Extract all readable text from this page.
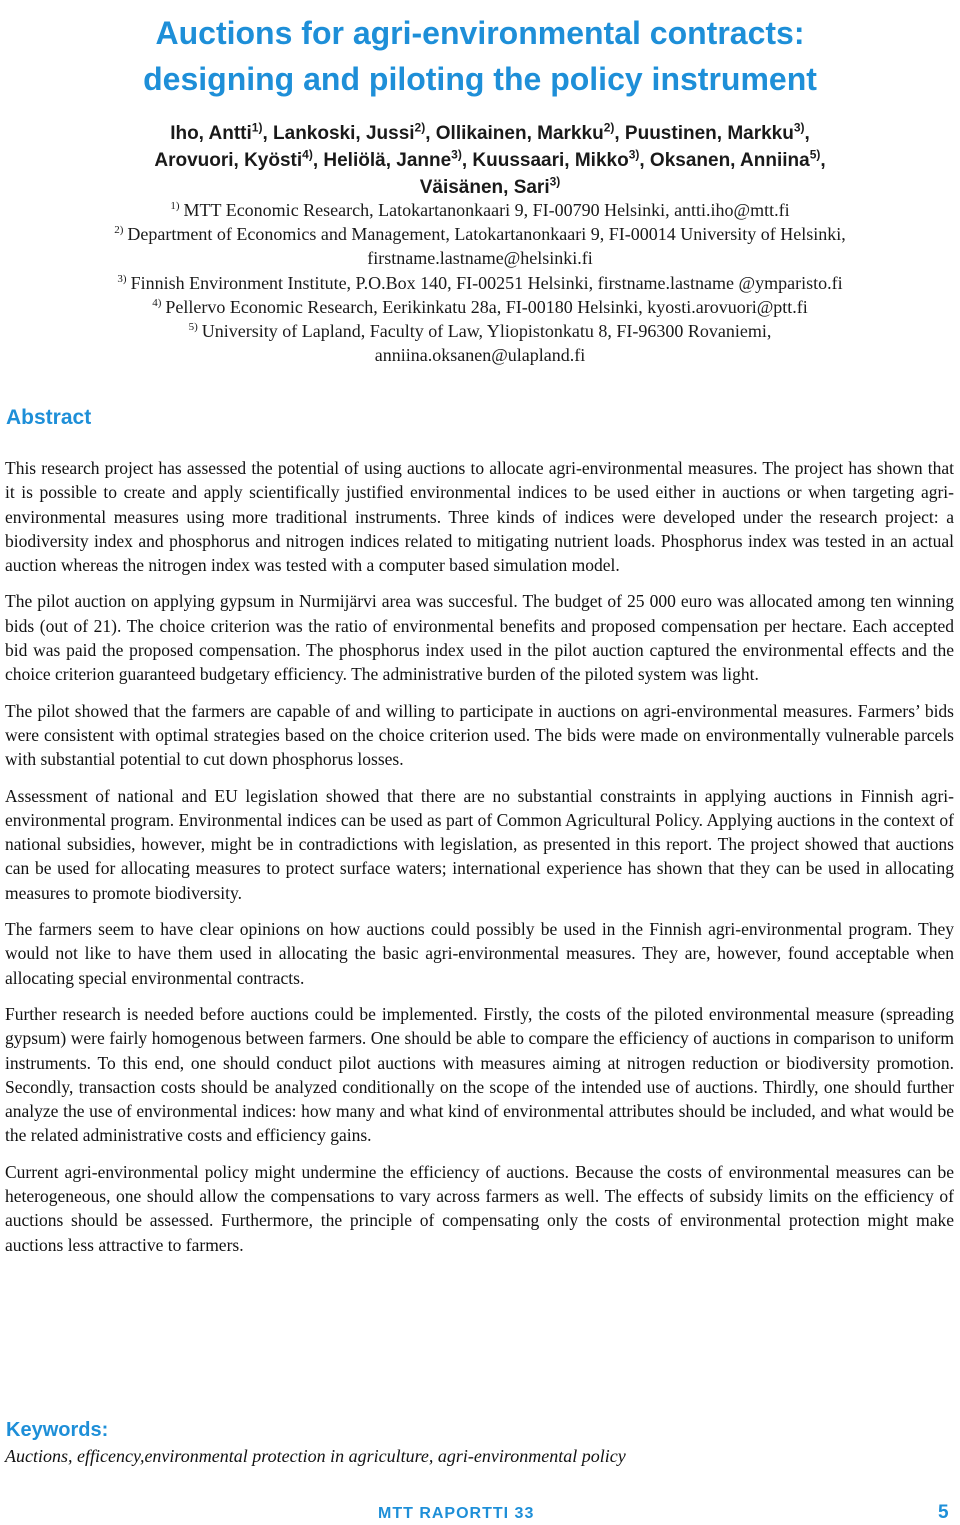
Auctions for agri-environmental contracts:
designing and piloting the policy instrument
Iho, Antti$^{1)}$, Lankoski, Jussi$^{2)}$, Ollikainen, Markku$^{2)}$, Puustinen, Markku$^{3)}$,
Arovuori, Kyösti$^{4)}$, Heliölä, Janne$^{3)}$, Kuussaari, Mikko$^{3)}$, Oksanen, Anniina$^{5)}$,
Väisänen, Sari$^{3)}$
$^{1)}$ MTT Economic Research, Latokartanonkaari 9, FI-00790 Helsinki, antti.iho@mtt.fi
$^{2)}$ Department of Economics and Management, Latokartanonkaari 9, FI-00014 University of Helsinki, firstname.lastname@helsinki.fi
$^{3)}$ Finnish Environment Institute, P.O.Box 140, FI-00251 Helsinki, firstname.lastname @ymparisto.fi
$^{4)}$ Pellervo Economic Research, Eerikinkatu 28a, FI-00180 Helsinki, kyosti.arovuori@ptt.fi
$^{5)}$ University of Lapland, Faculty of Law, Yliopistonkatu 8, FI-96300 Rovaniemi, anniina.oksanen@ulapland.fi
Abstract

This research project has assessed the potential of using auctions to allocate agri-environmental measures. The project has shown that it is possible to create and apply scientifically justified environmental indices to be used either in auctions or when targeting agri-environmental measures using more traditional instruments. Three kinds of indices were developed under the research project: a biodiversity index and phosphorus and nitrogen indices related to mitigating nutrient loads. Phosphorus index was tested in an actual auction whereas the nitrogen index was tested with a computer based simulation model.

The pilot auction on applying gypsum in Nurmijärvi area was succesful. The budget of 25 000 euro was allocated among ten winning bids (out of 21). The choice criterion was the ratio of environmental benefits and proposed compensation per hectare. Each accepted bid was paid the proposed compensation. The phosphorus index used in the pilot auction captured the environmental effects and the choice criterion guaranteed budgetary efficiency. The administrative burden of the piloted system was light.

The pilot showed that the farmers are capable of and willing to participate in auctions on agri-environmental measures. Farmers’ bids were consistent with optimal strategies based on the choice criterion used. The bids were made on environmentally vulnerable parcels with substantial potential to cut down phosphorus losses.

Assessment of national and EU legislation showed that there are no substantial constraints in applying auctions in Finnish agri-environmental program. Environmental indices can be used as part of Common Agricultural Policy. Applying auctions in the context of national subsidies, however, might be in contradictions with legislation, as presented in this report. The project showed that auctions can be used for allocating measures to protect surface waters; international experience has shown that they can be used in allocating measures to promote biodiversity.

The farmers seem to have clear opinions on how auctions could possibly be used in the Finnish agri-environmental program. They would not like to have them used in allocating the basic agri-environmental measures. They are, however, found acceptable when allocating special environmental contracts.

Further research is needed before auctions could be implemented. Firstly, the costs of the piloted environmental measure (spreading gypsum) were fairly homogenous between farmers. One should be able to compare the efficiency of auctions in comparison to uniform instruments. To this end, one should conduct pilot auctions with measures aiming at nitrogen reduction or biodiversity promotion. Secondly, transaction costs should be analyzed conditionally on the scope of the intended use of auctions. Thirdly, one should further analyze the use of environmental indices: how many and what kind of environmental attributes should be included, and what would be the related administrative costs and efficiency gains.

Current agri-environmental policy might undermine the efficiency of auctions. Because the costs of environmental measures can be heterogeneous, one should allow the compensations to vary across farmers as well. The effects of subsidy limits on the efficiency of auctions should be assessed. Furthermore, the principle of compensating only the costs of environmental protection might make auctions less attractive to farmers.

Keywords:
Auctions, efficency,environmental protection in agriculture, agri-environmental policy
MTT RAPORTTI 33	5
